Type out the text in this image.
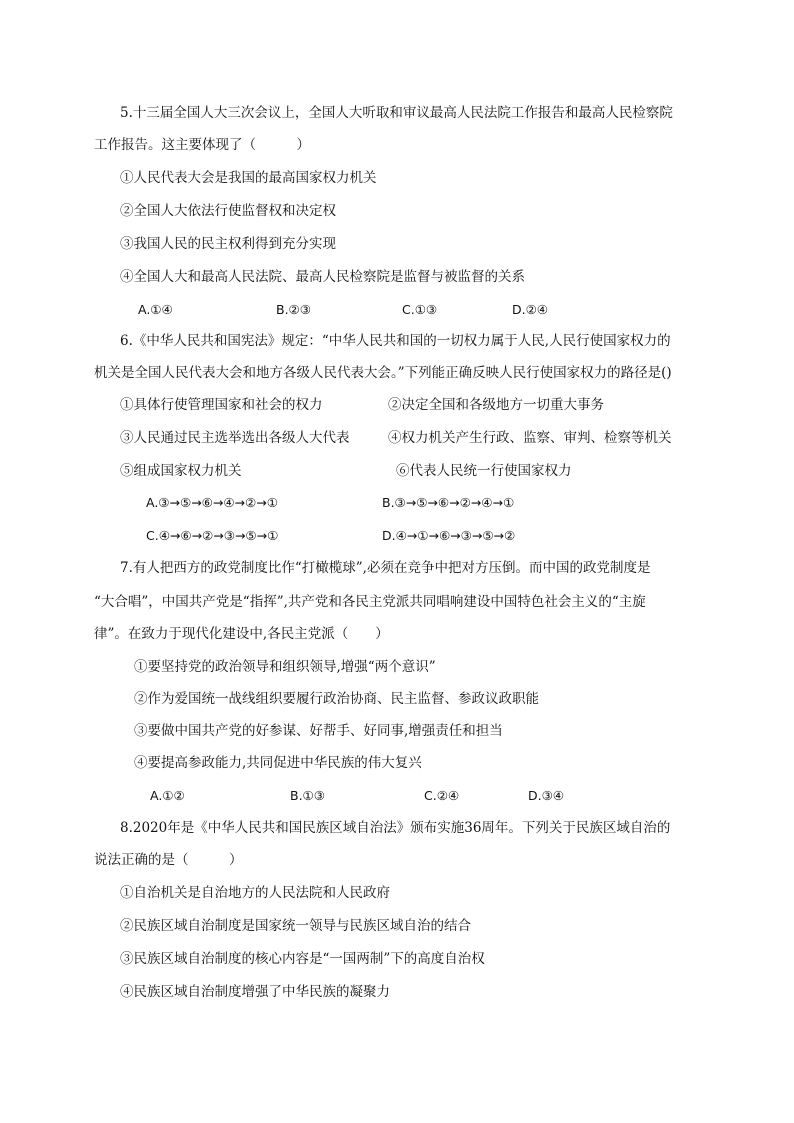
5.十三届全国人大三次会议上，全国人大听取和审议最高人民法院工作报告和最高人民检察院
工作报告。这主要体现了（　　　）
①人民代表大会是我国的最高国家权力机关
②全国人大依法行使监督权和决定权
③我国人民的民主权利得到充分实现
④全国人大和最高人民法院、最高人民检察院是监督与被监督的关系
A.①④	B.②③	C.①③	D.②④
6.《中华人民共和国宪法》规定：“中华人民共和国的一切权力属于人民,人民行使国家权力的
机关是全国人民代表大会和地方各级人民代表大会。”下列能正确反映人民行使国家权力的路径是()
①具体行使管理国家和社会的权力	②决定全国和各级地方一切重大事务
③人民通过民主选举选出各级人大代表	④权力机关产生行政、监察、审判、检察等机关
⑤组成国家权力机关	⑥代表人民统一行使国家权力
A.③→⑤→⑥→④→②→①	B.③→⑤→⑥→②→④→①
C.④→⑥→②→③→⑤→①	D.④→①→⑥→③→⑤→②
7.有人把西方的政党制度比作“打橄榄球”,必须在竞争中把对方压倒。而中国的政党制度是
“大合唱”，中国共产党是“指挥”,共产党和各民主党派共同唱响建设中国特色社会主义的“主旋
律”。在致力于现代化建设中,各民主党派（　　）
①要坚持党的政治领导和组织领导,增强“两个意识”
②作为爱国统一战线组织要履行政治协商、民主监督、参政议政职能
③要做中国共产党的好参谋、好帮手、好同事,增强责任和担当
④要提高参政能力,共同促进中华民族的伟大复兴
A.①②	B.①③	C.②④	D.③④
8.2020年是《中华人民共和国民族区域自治法》颁布实施36周年。下列关于民族区域自治的
说法正确的是（　　　）
①自治机关是自治地方的人民法院和人民政府
②民族区域自治制度是国家统一领导与民族区域自治的结合
③民族区域自治制度的核心内容是“一国两制”下的高度自治权
④民族区域自治制度增强了中华民族的凝聚力
